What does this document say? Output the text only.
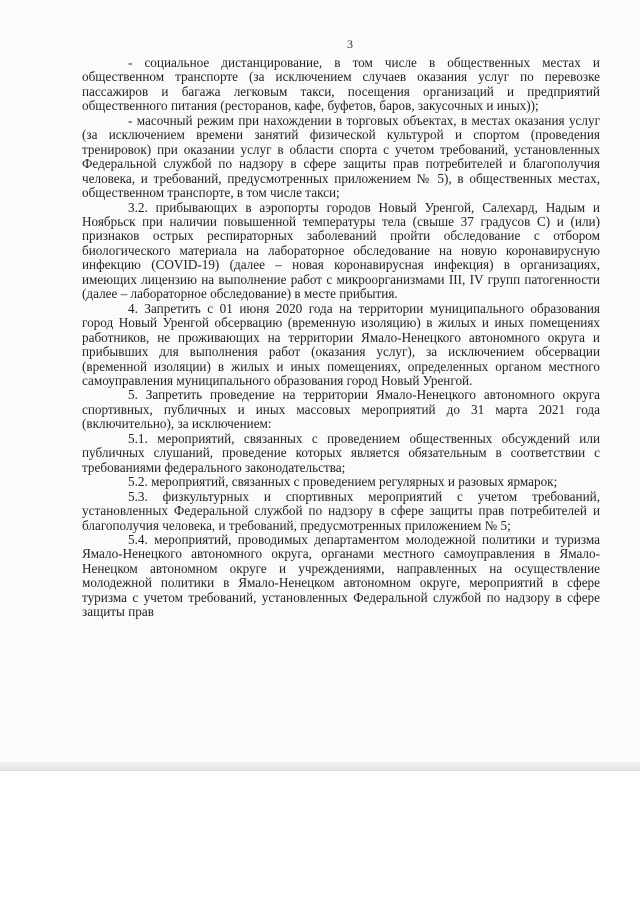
3

- социальное дистанцирование, в том числе в общественных местах и общественном транспорте (за исключением случаев оказания услуг по перевозке пассажиров и багажа легковым такси, посещения организаций и предприятий общественного питания (ресторанов, кафе, буфетов, баров, закусочных и иных));

- масочный режим при нахождении в торговых объектах, в местах оказания услуг (за исключением времени занятий физической культурой и спортом (проведения тренировок) при оказании услуг в области спорта с учетом требований, установленных Федеральной службой по надзору в сфере защиты прав потребителей и благополучия человека, и требований, предусмотренных приложением № 5), в общественных местах, общественном транспорте, в том числе такси;

3.2. прибывающих в аэропорты городов Новый Уренгой, Салехард, Надым и Ноябрьск при наличии повышенной температуры тела (свыше 37 градусов С) и (или) признаков острых респираторных заболеваний пройти обследование с отбором биологического материала на лабораторное обследование на новую коронавирусную инфекцию (COVID-19) (далее – новая коронавирусная инфекция) в организациях, имеющих лицензию на выполнение работ с микроорганизмами III, IV групп патогенности (далее – лабораторное обследование) в месте прибытия.

4. Запретить с 01 июня 2020 года на территории муниципального образования город Новый Уренгой обсервацию (временную изоляцию) в жилых и иных помещениях работников, не проживающих на территории Ямало-Ненецкого автономного округа и прибывших для выполнения работ (оказания услуг), за исключением обсервации (временной изоляции) в жилых и иных помещениях, определенных органом местного самоуправления муниципального образования город Новый Уренгой.

5. Запретить проведение на территории Ямало-Ненецкого автономного округа спортивных, публичных и иных массовых мероприятий до 31 марта 2021 года (включительно), за исключением:

5.1. мероприятий, связанных с проведением общественных обсуждений или публичных слушаний, проведение которых является обязательным в соответствии с требованиями федерального законодательства;

5.2. мероприятий, связанных с проведением регулярных и разовых ярмарок;

5.3. физкультурных и спортивных мероприятий с учетом требований, установленных Федеральной службой по надзору в сфере защиты прав потребителей и благополучия человека, и требований, предусмотренных приложением № 5;

5.4. мероприятий, проводимых департаментом молодежной политики и туризма Ямало-Ненецкого автономного округа, органами местного самоуправления в Ямало-Ненецком автономном округе и учреждениями, направленных на осуществление молодежной политики в Ямало-Ненецком автономном округе, мероприятий в сфере туризма с учетом требований, установленных Федеральной службой по надзору в сфере защиты прав
